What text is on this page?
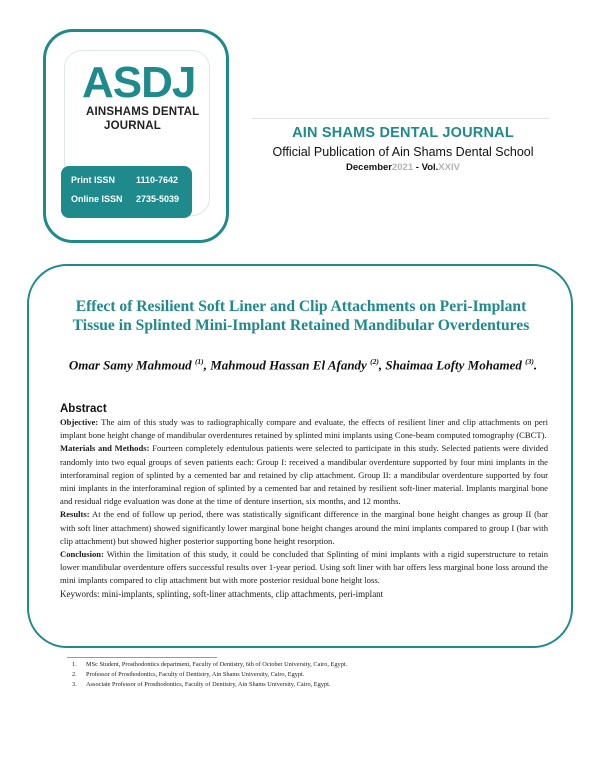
ASDJ
AINSHAMS DENTAL
JOURNAL
Print ISSN 1110-7642
Online ISSN 2735-5039
AIN SHAMS DENTAL JOURNAL
Official Publication of Ain Shams Dental School
December2021 - Vol.XXIV
Effect of Resilient Soft Liner and Clip Attachments on Peri-Implant Tissue in Splinted Mini-Implant Retained Mandibular Overdentures
Omar Samy Mahmoud $^{(1)}$, Mahmoud Hassan El Afandy $^{(2)}$, Shaimaa Lofty Mohamed $^{(3)}$.
Abstract

Objective: The aim of this study was to radiographically compare and evaluate, the effects of resilient liner and clip attachments on peri implant bone height change of mandibular overdentures retained by splinted mini implants using Cone-beam computed tomography (CBCT).

Materials and Methods: Fourteen completely edentulous patients were selected to participate in this study. Selected patients were divided randomly into two equal groups of seven patients each: Group I: received a mandibular overdenture supported by four mini implants in the interforaminal region of splinted by a cemented bar and retained by clip attachment. Group II: a mandibular overdenture supported by four mini implants in the interforaminal region of splinted by a cemented bar and retained by resilient soft-liner material. Implants marginal bone and residual ridge evaluation was done at the time of denture insertion, six months, and 12 months.

Results: At the end of follow up period, there was statistically significant difference in the marginal bone height changes as group II (bar with soft liner attachment) showed significantly lower marginal bone height changes around the mini implants compared to group I (bar with clip attachment) but showed higher posterior supporting bone height resorption.

Conclusion: Within the limitation of this study, it could be concluded that Splinting of mini implants with a rigid superstructure to retain lower mandibular overdenture offers successful results over 1-year period. Using soft liner with bar offers less marginal bone loss around the mini implants compared to clip attachment but with more posterior residual bone height loss.

Keywords: mini-implants, splinting, soft-liner attachments, clip attachments, peri-implant

1. MSc Student, Prosthodontics department, Faculty of Dentistry, 6th of October University, Cairo, Egypt.
2. Professor of Prosthodontics, Faculty of Dentistry, Ain Shams University, Cairo, Egypt.
3. Associate Professor of Prosthodontics, Faculty of Dentistry, Ain Shams University, Cairo, Egypt.
